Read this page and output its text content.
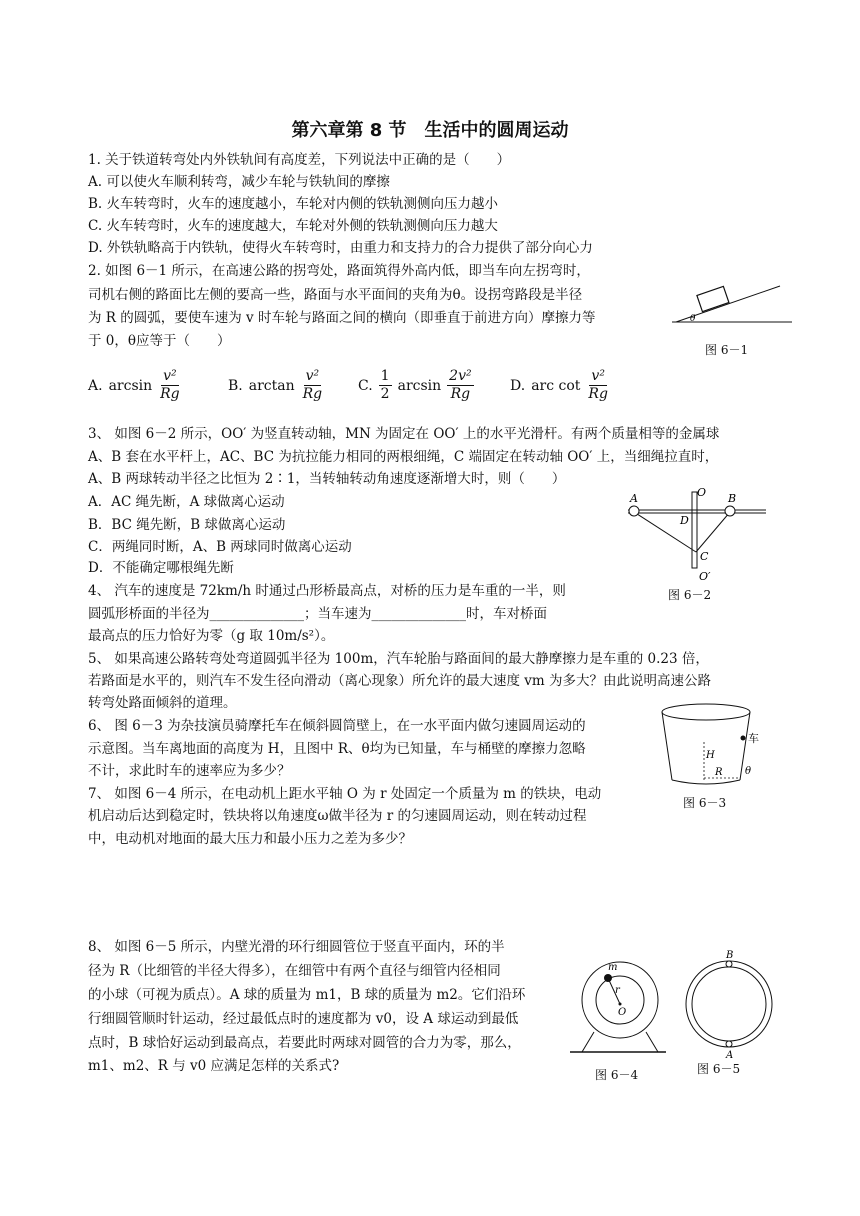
第六章第 8 节　生活中的圆周运动
1. 关于铁道转弯处内外铁轨间有高度差，下列说法中正确的是（　　）
A. 可以使火车顺利转弯，减少车轮与铁轨间的摩擦
B. 火车转弯时，火车的速度越小，车轮对内侧的铁轨测侧向压力越小
C. 火车转弯时，火车的速度越大，车轮对外侧的铁轨测侧向压力越大
D. 外铁轨略高于内铁轨，使得火车转弯时，由重力和支持力的合力提供了部分向心力
2. 如图 6－1 所示，在高速公路的拐弯处，路面筑得外高内低，即当车向左拐弯时，
司机右侧的路面比左侧的要高一些，路面与水平面间的夹角为θ。设拐弯路段是半径
为 R 的圆弧，要使车速为 v 时车轮与路面之间的横向（即垂直于前进方向）摩擦力等
于 0，θ应等于（　　）
A. $\arcsin \frac{\text{v²}}{Rg}$	B. $\arctan \frac{\text{v²}}{Rg} C$. $\frac{1}{2}$ $\arcsin \frac{\text{2v²}}{Rg}$	D. arc $\cot \frac{\text{v²}}{Rg}$
θ
图 6－1
3、 如图 6－2 所示，OO′ 为竖直转动轴，MN 为固定在 OO′ 上的水平光滑杆。有两个质量相等的金属球
A、B 套在水平杆上，AC、BC 为抗拉能力相同的两根细绳，C 端固定在转动轴 OO′ 上，当细绳拉直时，
A、B 两球转动半径之比恒为 2∶1，当转轴转动角速度逐渐增大时，则（　　）
A．AC 绳先断，A 球做离心运动
B．BC 绳先断，B 球做离心运动
C．两绳同时断，A、B 两球同时做离心运动
D．不能确定哪根绳先断
A	B
O
D
C
O′
图 6－2
4、 汽车的速度是 72km/h 时通过凸形桥最高点，对桥的压力是车重的一半，则
圆弧形桥面的半径为______________；当车速为______________时，车对桥面
最高点的压力恰好为零（g 取 10m/s²）。
5、 如果高速公路转弯处弯道圆弧半径为 100m，汽车轮胎与路面间的最大静摩擦力是车重的 0.23 倍，
若路面是水平的，则汽车不发生径向滑动（离心现象）所允许的最大速度 vm 为多大？由此说明高速公路
转弯处路面倾斜的道理。
6、 图 6－3 为杂技演员骑摩托车在倾斜圆筒壁上，在一水平面内做匀速圆周运动的
示意图。当车离地面的高度为 H，且图中 R、θ均为已知量，车与桶壁的摩擦力忽略
不计，求此时车的速率应为多少？
车
H
R θ
图 6－3
7、 如图 6－4 所示，在电动机上距水平轴 O 为 r 处固定一个质量为 m 的铁块，电动
机启动后达到稳定时，铁块将以角速度ω做半径为 r 的匀速圆周运动，则在转动过程
中，电动机对地面的最大压力和最小压力之差为多少？
8、 如图 6－5 所示，内壁光滑的环行细圆管位于竖直平面内，环的半
径为 R（比细管的半径大得多），在细管中有两个直径与细管内径相同
的小球（可视为质点）。A 球的质量为 m1，B 球的质量为 m2。它们沿环
行细圆管顺时针运动，经过最低点时的速度都为 v0，设 A 球运动到最低
点时，B 球恰好运动到最高点，若要此时两球对圆管的合力为零，那么，
m1、m2、R 与 v0 应满足怎样的关系式?
m
r
O
图 6－4
B
A
图 6－5
